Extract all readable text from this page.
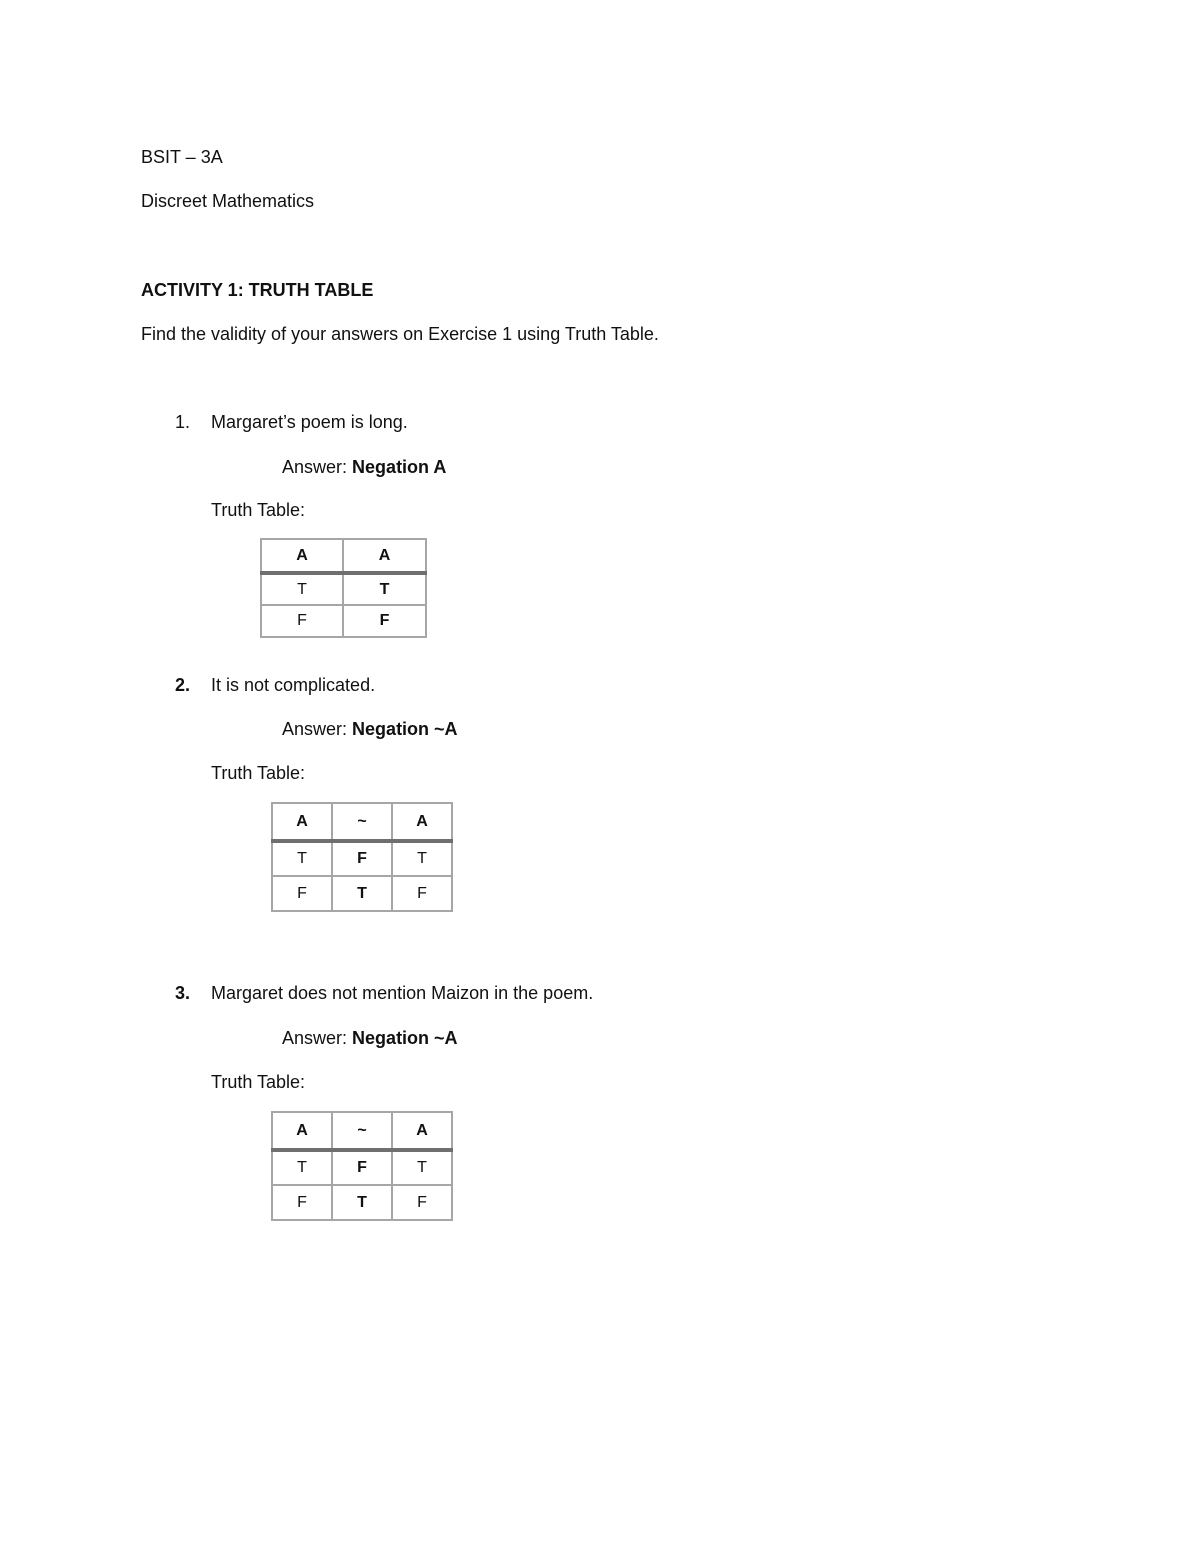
BSIT – 3A
Discreet Mathematics
ACTIVITY 1: TRUTH TABLE
Find the validity of your answers on Exercise 1 using Truth Table.
1. Margaret’s poem is long.
Answer: Negation A
Truth Table:
A	A
T	T
F	F
2. It is not complicated.
Answer: Negation ~A
Truth Table:
A	~	A
T	F	T
F	T	F
3. Margaret does not mention Maizon in the poem.
Answer: Negation ~A
Truth Table:
A	~	A
T	F	T
F	T	F
